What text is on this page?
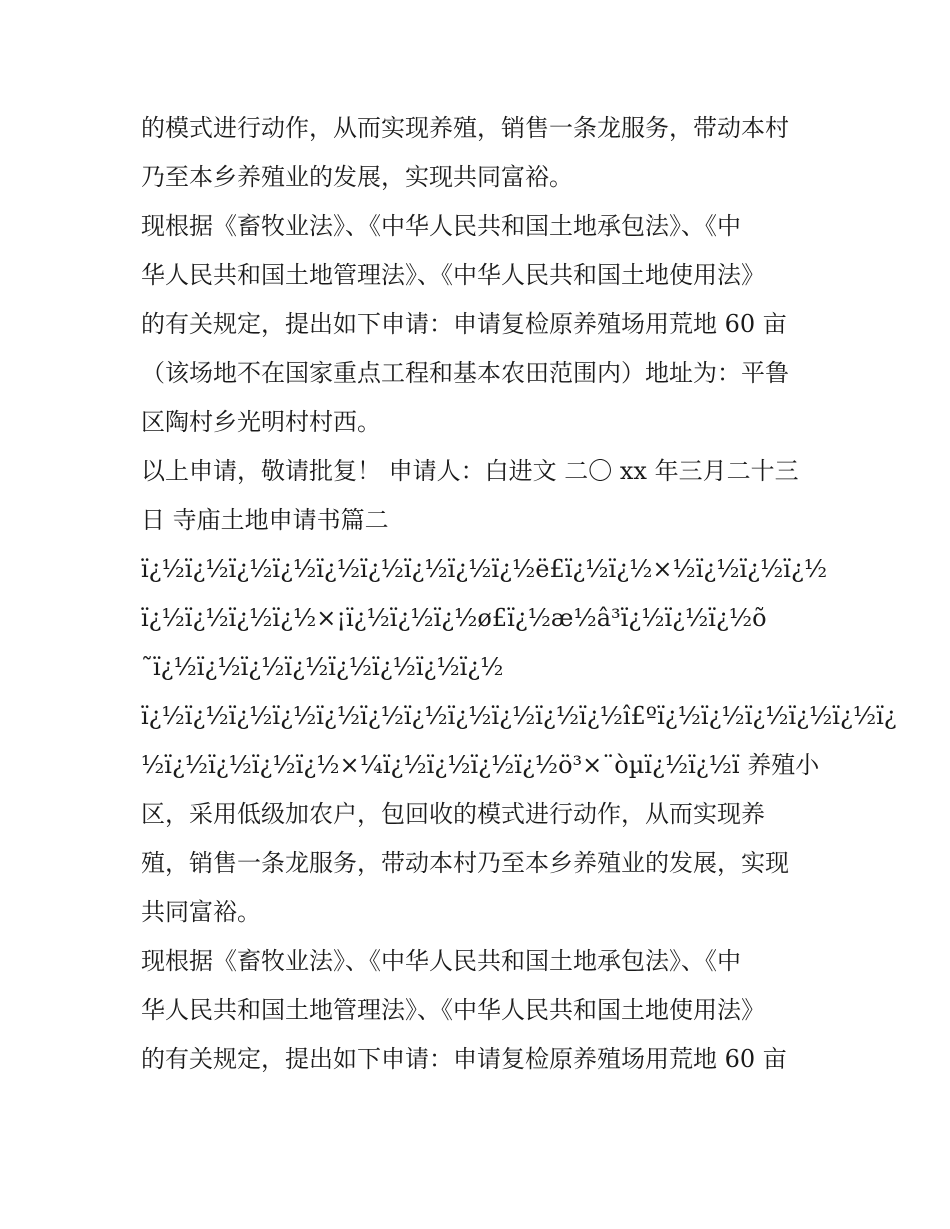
的模式进行动作，从而实现养殖，销售一条龙服务，带动本村
乃至本乡养殖业的发展，实现共同富裕。
现根据《畜牧业法》、《中华人民共和国土地承包法》、《中
华人民共和国土地管理法》、《中华人民共和国土地使用法》
的有关规定，提出如下申请：申请复检原养殖场用荒地 60 亩
（该场地不在国家重点工程和基本农田范围内）地址为：平鲁
区陶村乡光明村村西。
以上申请，敬请批复！ 申请人：白进文 二〇 xx 年三月二十三
日 寺庙土地申请书篇二
ï¿½ï¿½ï¿½ï¿½ï¿½ï¿½ï¿½ï¿½ï¿½ë£ï¿½ï¿½×½ï¿½ï¿½ï¿½
ï¿½ï¿½ï¿½ï¿½×¡ï¿½ï¿½ï¿½ø£ï¿½æ½â³ï¿½ï¿½ï¿½õ
˜ï¿½ï¿½ï¿½ï¿½ï¿½ï¿½ï¿½ï¿½
ï¿½ï¿½ï¿½ï¿½ï¿½ï¿½ï¿½ï¿½ï¿½ï¿½ï¿½î£ºï¿½ï¿½ï¿½ï¿½ï¿½ï¿
½ï¿½ï¿½ï¿½ï¿½×¼ï¿½ï¿½ï¿½ï¿½ö³×¨òµï¿½ï¿½ï 养殖小
区，采用低级加农户，包回收的模式进行动作，从而实现养
殖，销售一条龙服务，带动本村乃至本乡养殖业的发展，实现
共同富裕。
现根据《畜牧业法》、《中华人民共和国土地承包法》、《中
华人民共和国土地管理法》、《中华人民共和国土地使用法》
的有关规定，提出如下申请：申请复检原养殖场用荒地 60 亩
